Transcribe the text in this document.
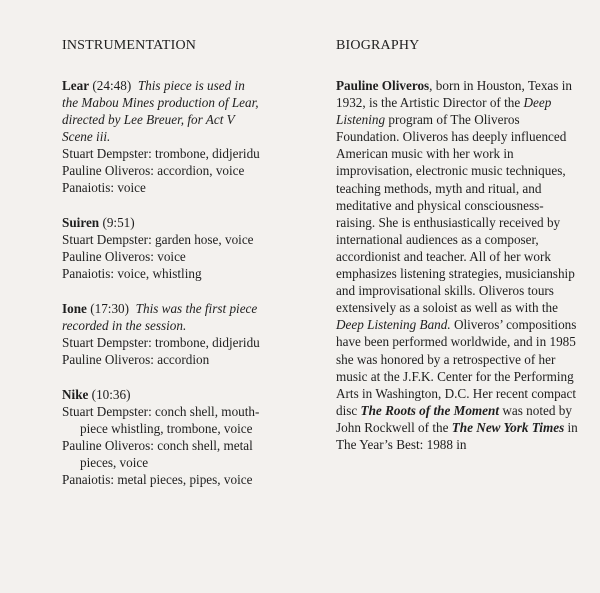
INSTRUMENTATION

Lear (24:48) This piece is used in

the Mabou Mines production of Lear,

directed by Lee Breuer, for Act V

Scene iii.

Stuart Dempster: trombone, didjeridu

Pauline Oliveros: accordion, voice

Panaiotis: voice

Suiren (9:51)

Stuart Dempster: garden hose, voice

Pauline Oliveros: voice

Panaiotis: voice, whistling

Ione (17:30) This was the first piece

recorded in the session.

Stuart Dempster: trombone, didjeridu

Pauline Oliveros: accordion

Nike (10:36)

Stuart Dempster: conch shell, mouth-

piece whistling, trombone, voice

Pauline Oliveros: conch shell, metal

pieces, voice

Panaiotis: metal pieces, pipes, voice

BIOGRAPHY

Pauline Oliveros, born in Houston, Texas in 1932, is the Artistic Director of the Deep Listening program of The Oliveros Foundation. Oliveros has deeply influenced American music with her work in improvisation, electronic music techniques, teaching methods, myth and ritual, and meditative and physical consciousness-raising. She is enthusiastically received by international audiences as a composer, accordionist and teacher. All of her work emphasizes listening strategies, musicianship and improvisational skills. Oliveros tours extensively as a soloist as well as with the Deep Listening Band. Oliveros’ compositions have been performed worldwide, and in 1985 she was honored by a retrospective of her music at the J.F.K. Center for the Performing Arts in Washington, D.C. Her recent compact disc The Roots of the Moment was noted by John Rockwell of the The New York Times in The Year’s Best: 1988 in
